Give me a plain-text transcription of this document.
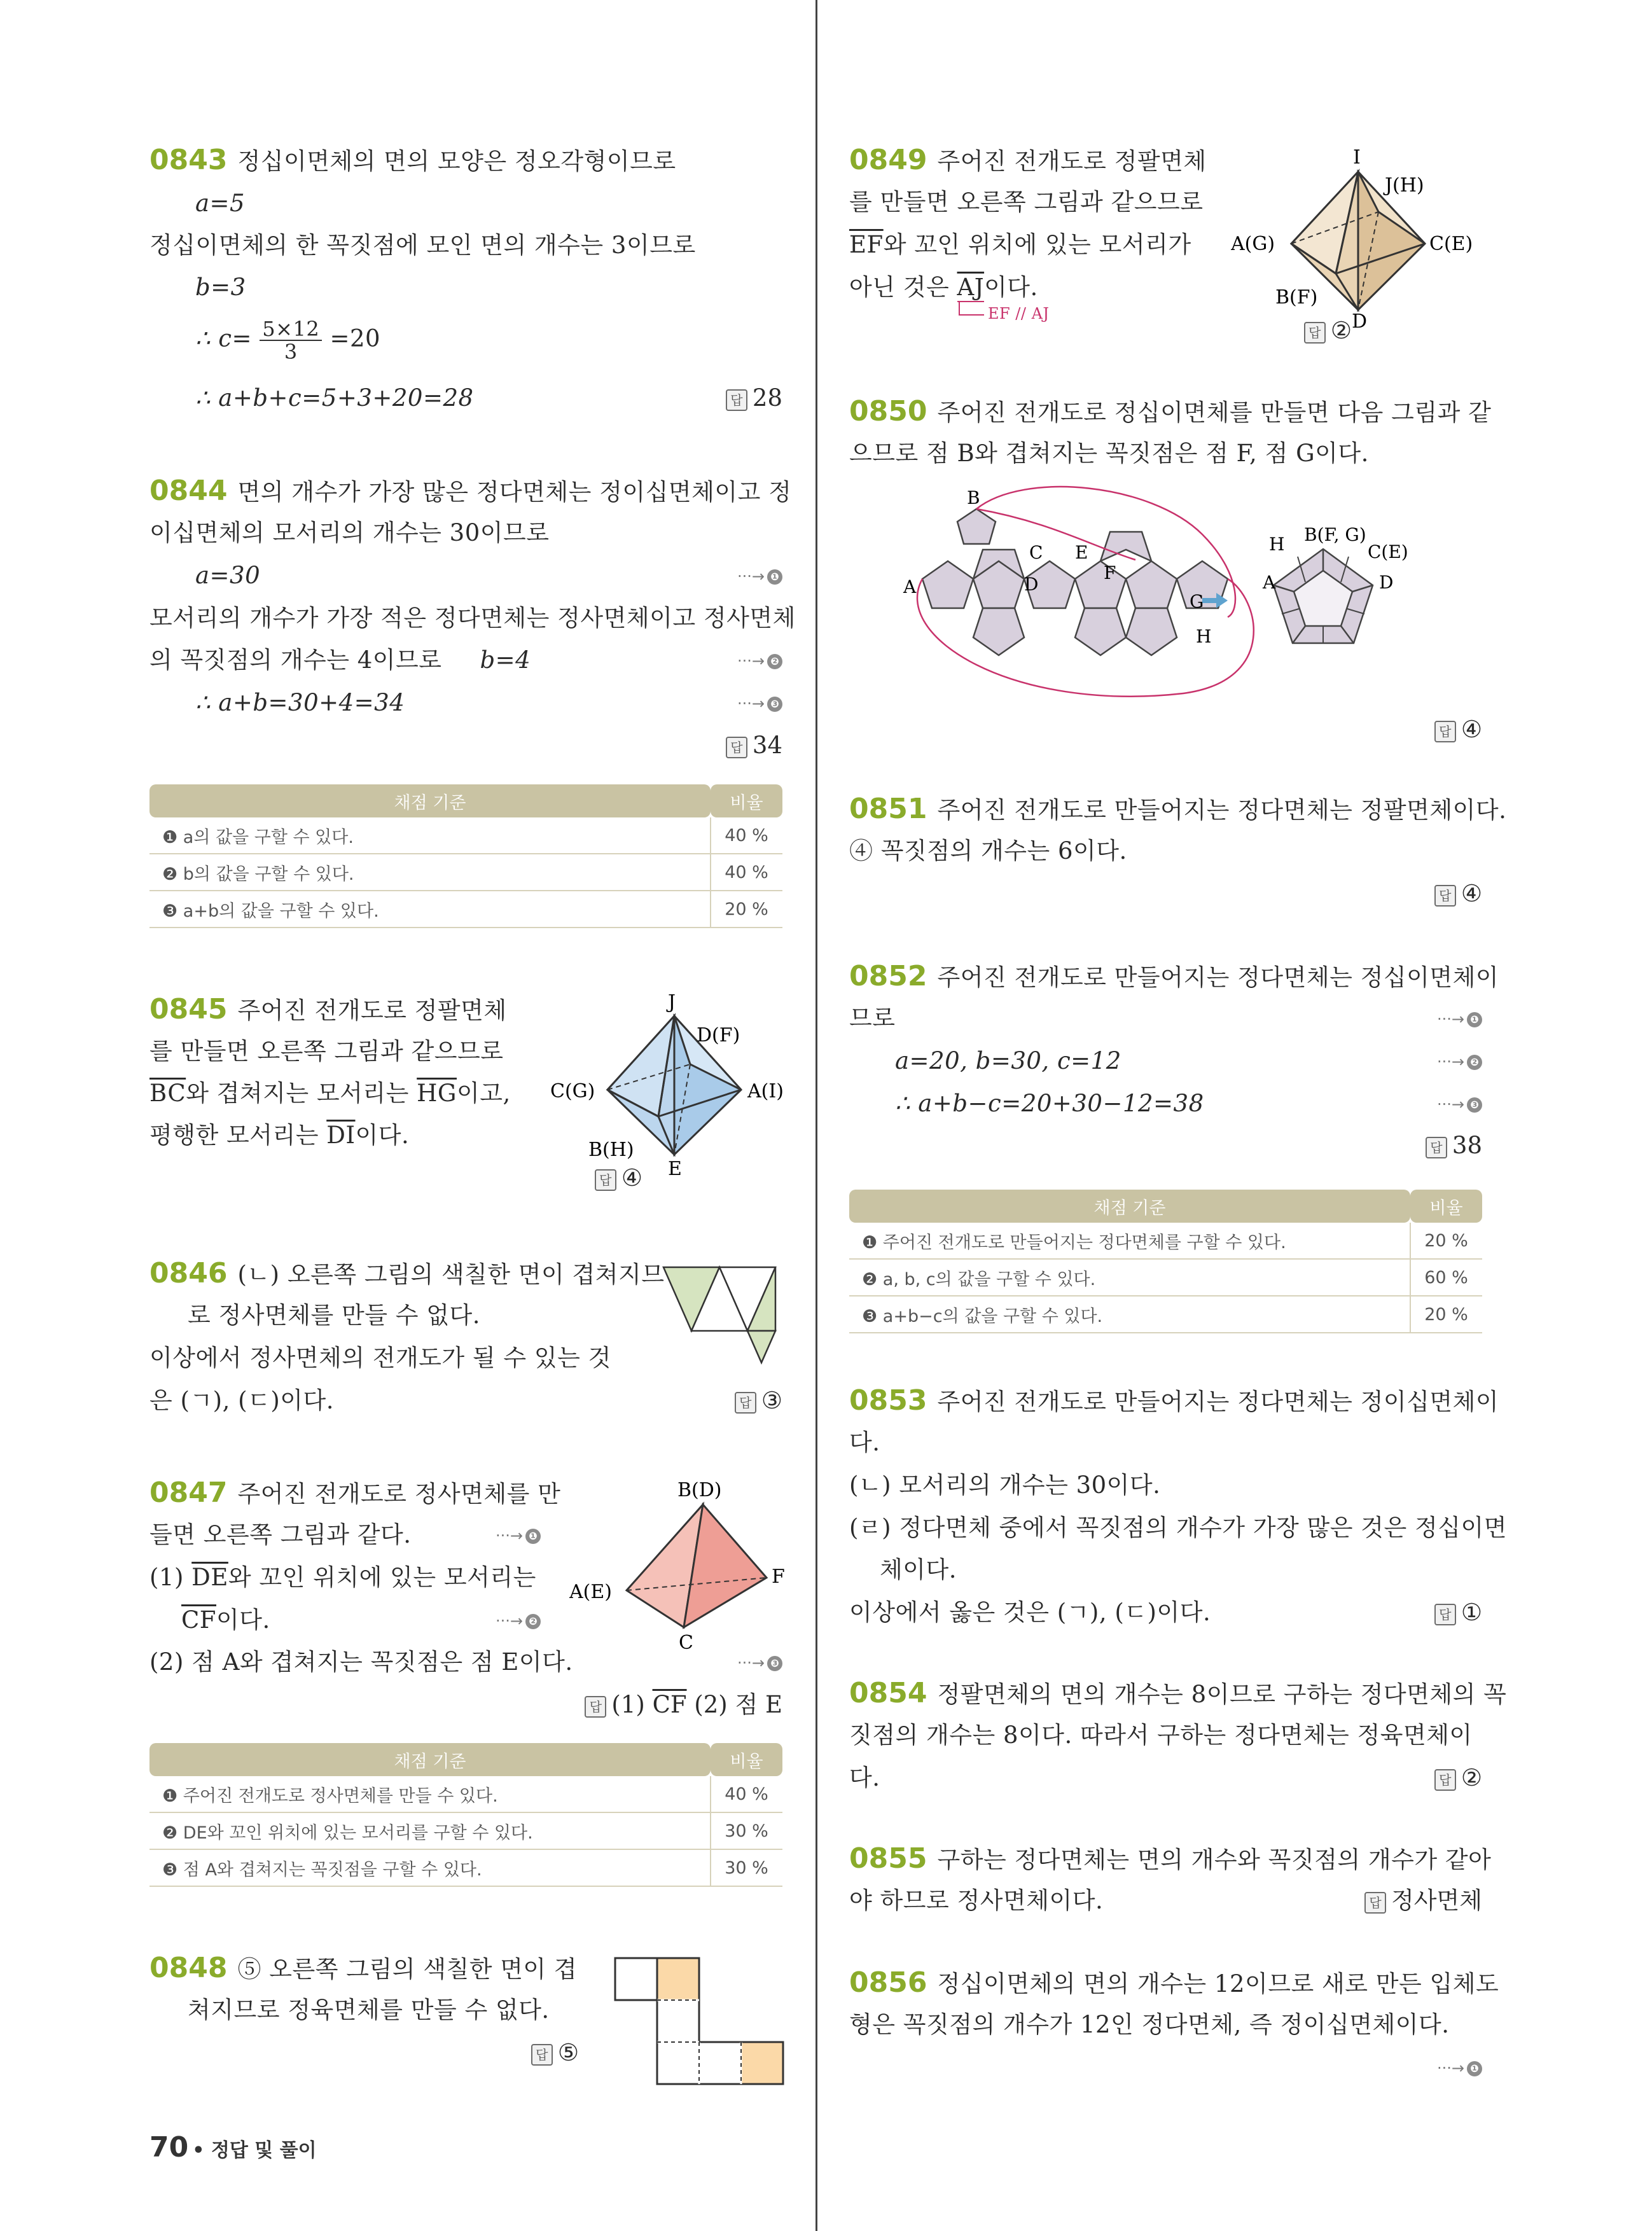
0843 정십이면체의 면의 모양은 정오각형이므로
a=5
정십이면체의 한 꼭짓점에 모인 면의 개수는 3이므로
b=3
∴ $c= \frac{5\times 12}{3} =20$
∴ a+b+c=5+3+20=28	답 28
0844 면의 개수가 가장 많은 정다면체는 정이십면체이고 정
이십면체의 모서리의 개수는 30이므로
a=30	···→ ❶
모서리의 개수가 가장 적은 정다면체는 정사면체이고 정사면체
의 꼭짓점의 개수는 4이므로 b=4	···→ ❷
∴ a+b=30+4=34	···→ ❸
답 34
채점 기준	비율
❶ a의 값을 구할 수 있다.	40 %
❷ b의 값을 구할 수 있다.	40 %
❸ a+b의 값을 구할 수 있다.	20 %
0845 주어진 전개도로 정팔면체
를 만들면 오른쪽 그림과 같으므로
$\overline{BC}$와 겹쳐지는 모서리는 $\overline{HG}$이고,
평행한 모서리는 $\overline{DI}$이다.
답 ④
J
D(F)
C(G)	A(I)
B(H)
E
0846 (ㄴ) 오른쪽 그림의 색칠한 면이 겹쳐지므
로 정사면체를 만들 수 없다.
이상에서 정사면체의 전개도가 될 수 있는 것
은 (ㄱ), (ㄷ)이다.	답 ③
0847 주어진 전개도로 정사면체를 만
들면 오른쪽 그림과 같다.	···→ ❶
(1) $\overline{DE}$와 꼬인 위치에 있는 모서리는
$\overline{CF}$이다.	···→ ❷
(2) 점 A와 겹쳐지는 꼭짓점은 점 E이다.	···→ ❸
답 (1) $\overline{CF}$ (2) 점 E
B(D)
A(E)
F
C
채점 기준	비율
❶ 주어진 전개도로 정사면체를 만들 수 있다.	40 %
❷ DE와 꼬인 위치에 있는 모서리를 구할 수 있다.	30 %
❸ 점 A와 겹쳐지는 꼭짓점을 구할 수 있다.	30 %
0848 ⑤ 오른쪽 그림의 색칠한 면이 겹
쳐지므로 정육면체를 만들 수 없다.
답 ⑤
0849 주어진 전개도로 정팔면체
를 만들면 오른쪽 그림과 같으므로
$\overline{EF}$와 꼬인 위치에 있는 모서리가
아닌 것은 $\overline{AJ}$이다.
EF // AJ
답 ②
I
J(H)
A(G)	C(E)
B(F)
D
0850 주어진 전개도로 정십이면체를 만들면 다음 그림과 같
으므로 점 B와 겹쳐지는 꼭짓점은 점 F, 점 G이다.
답 ④
B
A
C
D
E
F
G
H
H B(F, G)
C(E)
A	D
0851 주어진 전개도로 만들어지는 정다면체는 정팔면체이다.
④ 꼭짓점의 개수는 6이다.
답 ④
0852 주어진 전개도로 만들어지는 정다면체는 정십이면체이
므로	···→ ❶
a=20, b=30, c=12	···→ ❷
∴ a+b−c=20+30−12=38	···→ ❸
답 38
채점 기준	비율
❶ 주어진 전개도로 만들어지는 정다면체를 구할 수 있다.	20 %
❷ a, b, c의 값을 구할 수 있다.	60 %
❸ a+b−c의 값을 구할 수 있다.	20 %
0853 주어진 전개도로 만들어지는 정다면체는 정이십면체이
다.
(ㄴ) 모서리의 개수는 30이다.
(ㄹ) 정다면체 중에서 꼭짓점의 개수가 가장 많은 것은 정십이면
체이다.
이상에서 옳은 것은 (ㄱ), (ㄷ)이다.	답 ①
0854 정팔면체의 면의 개수는 8이므로 구하는 정다면체의 꼭
짓점의 개수는 8이다. 따라서 구하는 정다면체는 정육면체이
다.	답 ②
0855 구하는 정다면체는 면의 개수와 꼭짓점의 개수가 같아
야 하므로 정사면체이다.	답 정사면체
0856 정십이면체의 면의 개수는 12이므로 새로 만든 입체도
형은 꼭짓점의 개수가 12인 정다면체, 즉 정이십면체이다.
···→ ❶
70 • 정답 및 풀이
